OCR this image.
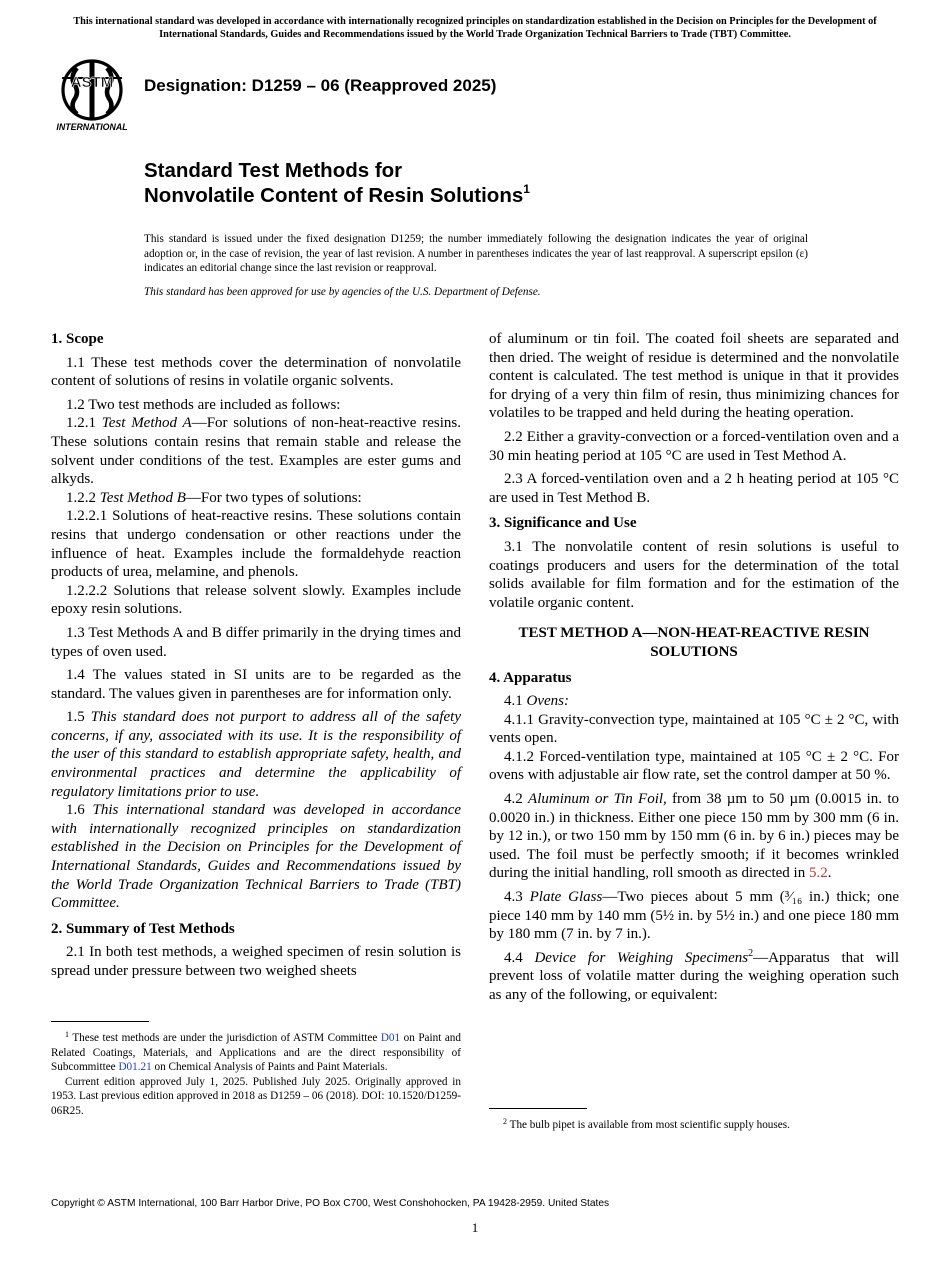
This international standard was developed in accordance with internationally recognized principles on standardization established in the Decision on Principles for the Development of International Standards, Guides and Recommendations issued by the World Trade Organization Technical Barriers to Trade (TBT) Committee.
ASTM
INTERNATIONAL
Designation: D1259 – 06 (Reapproved 2025)
Standard Test Methods for
Nonvolatile Content of Resin Solutions$^1$
This standard is issued under the fixed designation D1259; the number immediately following the designation indicates the year of original adoption or, in the case of revision, the year of last revision. A number in parentheses indicates the year of last reapproval. A superscript epsilon (ε) indicates an editorial change since the last revision or reapproval.
This standard has been approved for use by agencies of the U.S. Department of Defense.
1. Scope

1.1 These test methods cover the determination of nonvolatile content of solutions of resins in volatile organic solvents.

1.2 Two test methods are included as follows:

1.2.1 Test Method A—For solutions of non-heat-reactive resins. These solutions contain resins that remain stable and release the solvent under conditions of the test. Examples are ester gums and alkyds.

1.2.2 Test Method B—For two types of solutions:

1.2.2.1 Solutions of heat-reactive resins. These solutions contain resins that undergo condensation or other reactions under the influence of heat. Examples include the formaldehyde reaction products of urea, melamine, and phenols.

1.2.2.2 Solutions that release solvent slowly. Examples include epoxy resin solutions.

1.3 Test Methods A and B differ primarily in the drying times and types of oven used.

1.4 The values stated in SI units are to be regarded as the standard. The values given in parentheses are for information only.

1.5 This standard does not purport to address all of the safety concerns, if any, associated with its use. It is the responsibility of the user of this standard to establish appropriate safety, health, and environmental practices and determine the applicability of regulatory limitations prior to use.

1.6 This international standard was developed in accordance with internationally recognized principles on standardization established in the Decision on Principles for the Development of International Standards, Guides and Recommendations issued by the World Trade Organization Technical Barriers to Trade (TBT) Committee.

2. Summary of Test Methods

2.1 In both test methods, a weighed specimen of resin solution is spread under pressure between two weighed sheets

of aluminum or tin foil. The coated foil sheets are separated and then dried. The weight of residue is determined and the nonvolatile content is calculated. The test method is unique in that it provides for drying of a very thin film of resin, thus minimizing chances for volatiles to be trapped and held during the heating operation.

2.2 Either a gravity-convection or a forced-ventilation oven and a 30 min heating period at 105 °C are used in Test Method A.

2.3 A forced-ventilation oven and a 2 h heating period at 105 °C are used in Test Method B.

3. Significance and Use

3.1 The nonvolatile content of resin solutions is useful to coatings producers and users for the determination of the total solids available for film formation and for the estimation of the volatile organic content.

TEST METHOD A—NON-HEAT-REACTIVE RESIN SOLUTIONS
4. Apparatus

4.1 Ovens:

4.1.1 Gravity-convection type, maintained at 105 °C ± 2 °C, with vents open.

4.1.2 Forced-ventilation type, maintained at 105 °C ± 2 °C. For ovens with adjustable air flow rate, set the control damper at 50 %.

4.2 Aluminum or Tin Foil, from 38 µm to 50 µm (0.0015 in. to 0.0020 in.) in thickness. Either one piece 150 mm by 300 mm (6 in. by 12 in.), or two 150 mm by 150 mm (6 in. by 6 in.) pieces may be used. The foil must be perfectly smooth; if it becomes wrinkled during the initial handling, roll smooth as directed in 5.2.

4.3 Plate Glass—Two pieces about 5 mm (³⁄₁₆ in.) thick; one piece 140 mm by 140 mm (5½ in. by 5½ in.) and one piece 180 mm by 180 mm (7 in. by 7 in.).

4.4 Device for Weighing Specimens$^2$—Apparatus that will prevent loss of volatile matter during the weighing operation such as any of the following, or equivalent:

$^1$ These test methods are under the jurisdiction of ASTM Committee D01 on Paint and Related Coatings, Materials, and Applications and are the direct responsibility of Subcommittee D01.21 on Chemical Analysis of Paints and Paint Materials.

Current edition approved July 1, 2025. Published July 2025. Originally approved in 1953. Last previous edition approved in 2018 as D1259 – 06 (2018). DOI: 10.1520/D1259-06R25.

$^2$ The bulb pipet is available from most scientific supply houses.

Copyright © ASTM International, 100 Barr Harbor Drive, PO Box C700, West Conshohocken, PA 19428-2959. United States
1
